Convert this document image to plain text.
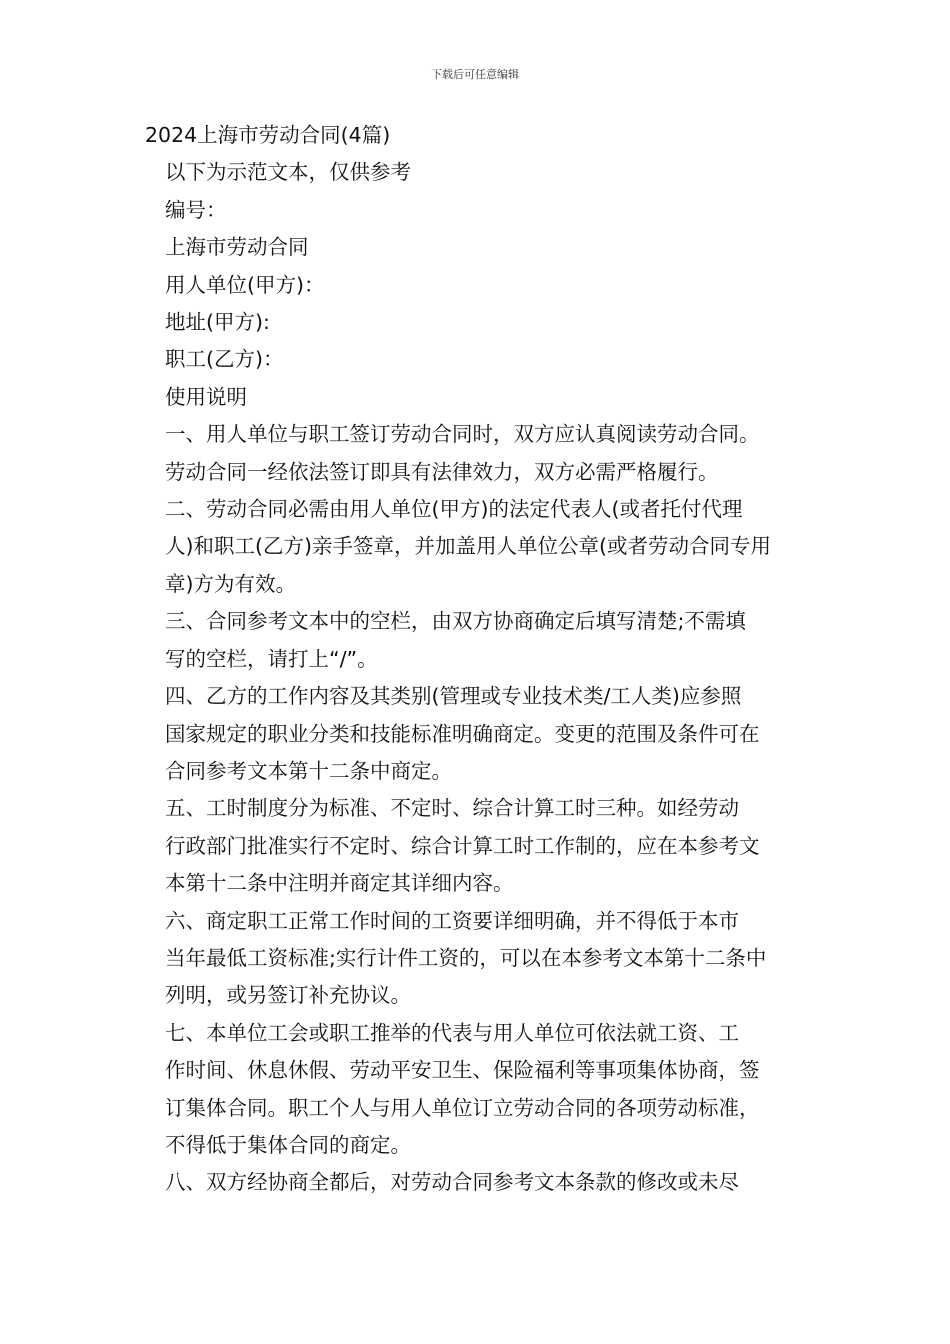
下载后可任意编辑

2024上海市劳动合同(4篇)

以下为示范文本，仅供参考

编号：

上海市劳动合同

用人单位(甲方)：

地址(甲方):

职工(乙方)：

使用说明

一、用人单位与职工签订劳动合同时，双方应认真阅读劳动合同。
劳动合同一经依法签订即具有法律效力，双方必需严格履行。

二、劳动合同必需由用人单位(甲方)的法定代表人(或者托付代理
人)和职工(乙方)亲手签章，并加盖用人单位公章(或者劳动合同专用
章)方为有效。

三、合同参考文本中的空栏，由双方协商确定后填写清楚;不需填
写的空栏，请打上“/”。

四、乙方的工作内容及其类别(管理或专业技术类/工人类)应参照
国家规定的职业分类和技能标准明确商定。变更的范围及条件可在
合同参考文本第十二条中商定。

五、工时制度分为标准、不定时、综合计算工时三种。如经劳动
行政部门批准实行不定时、综合计算工时工作制的，应在本参考文
本第十二条中注明并商定其详细内容。

六、商定职工正常工作时间的工资要详细明确，并不得低于本市
当年最低工资标准;实行计件工资的，可以在本参考文本第十二条中
列明，或另签订补充协议。

七、本单位工会或职工推举的代表与用人单位可依法就工资、工
作时间、休息休假、劳动平安卫生、保险福利等事项集体协商，签
订集体合同。职工个人与用人单位订立劳动合同的各项劳动标准，
不得低于集体合同的商定。

八、双方经协商全都后，对劳动合同参考文本条款的修改或未尽
